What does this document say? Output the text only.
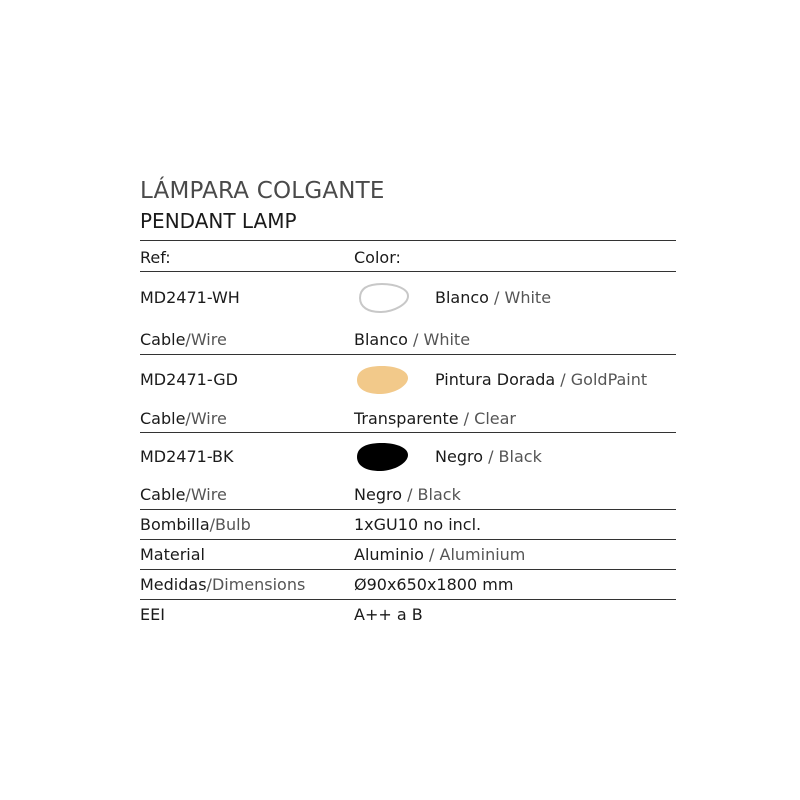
LÁMPARA COLGANTE
PENDANT LAMP
Ref:	Color:
MD2471-WH	Blanco / White
Cable/Wire	Blanco / White
MD2471-GD	Pintura Dorada / GoldPaint
Cable/Wire	Transparente / Clear
MD2471-BK	Negro / Black
Cable/Wire	Negro / Black
Bombilla/Bulb	1xGU10 no incl.
Material	Aluminio / Aluminium
Medidas/Dimensions	Ø90x650x1800 mm
EEI	A++ a B
